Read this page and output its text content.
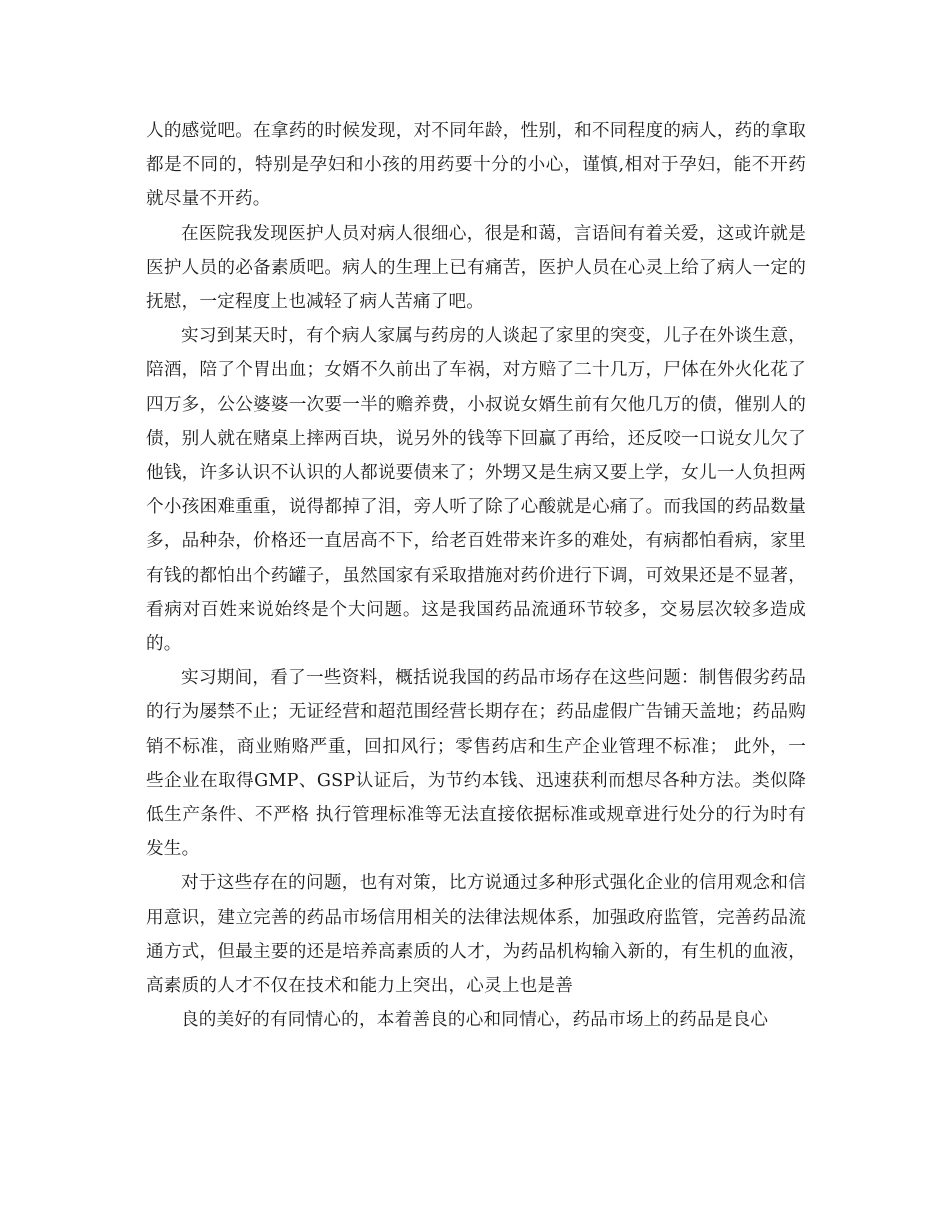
人的感觉吧。在拿药的时候发现，对不同年龄，性别，和不同程度的病人，药的拿取都是不同的，特别是孕妇和小孩的用药要十分的小心，谨慎,相对于孕妇，能不开药就尽量不开药。

在医院我发现医护人员对病人很细心，很是和蔼，言语间有着关爱，这或许就是医护人员的必备素质吧。病人的生理上已有痛苦，医护人员在心灵上给了病人一定的抚慰，一定程度上也减轻了病人苦痛了吧。

实习到某天时，有个病人家属与药房的人谈起了家里的突变，儿子在外谈生意，陪酒，陪了个胃出血；女婿不久前出了车祸，对方赔了二十几万，尸体在外火化花了四万多，公公婆婆一次要一半的赡养费，小叔说女婿生前有欠他几万的债，催别人的债，别人就在赌桌上摔两百块，说另外的钱等下回赢了再给，还反咬一口说女儿欠了他钱，许多认识不认识的人都说要债来了；外甥又是生病又要上学，女儿一人负担两个小孩困难重重，说得都掉了泪，旁人听了除了心酸就是心痛了。而我国的药品数量多，品种杂，价格还一直居高不下，给老百姓带来许多的难处，有病都怕看病，家里有钱的都怕出个药罐子，虽然国家有采取措施对药价进行下调，可效果还是不显著，看病对百姓来说始终是个大问题。这是我国药品流通环节较多，交易层次较多造成的。

实习期间，看了一些资料，概括说我国的药品市场存在这些问题：制售假劣药品的行为屡禁不止；无证经营和超范围经营长期存在；药品虚假广告铺天盖地；药品购销不标准，商业贿赂严重，回扣风行；零售药店和生产企业管理不标准； 此外，一些企业在取得GMP、GSP认证后，为节约本钱、迅速获利而想尽各种方法。类似降低生产条件、不严格 执行管理标准等无法直接依据标准或规章进行处分的行为时有发生。

对于这些存在的问题，也有对策，比方说通过多种形式强化企业的信用观念和信用意识，建立完善的药品市场信用相关的法律法规体系，加强政府监管，完善药品流通方式，但最主要的还是培养高素质的人才，为药品机构输入新的，有生机的血液，高素质的人才不仅在技术和能力上突出，心灵上也是善

良的美好的有同情心的，本着善良的心和同情心，药品市场上的药品是良心
